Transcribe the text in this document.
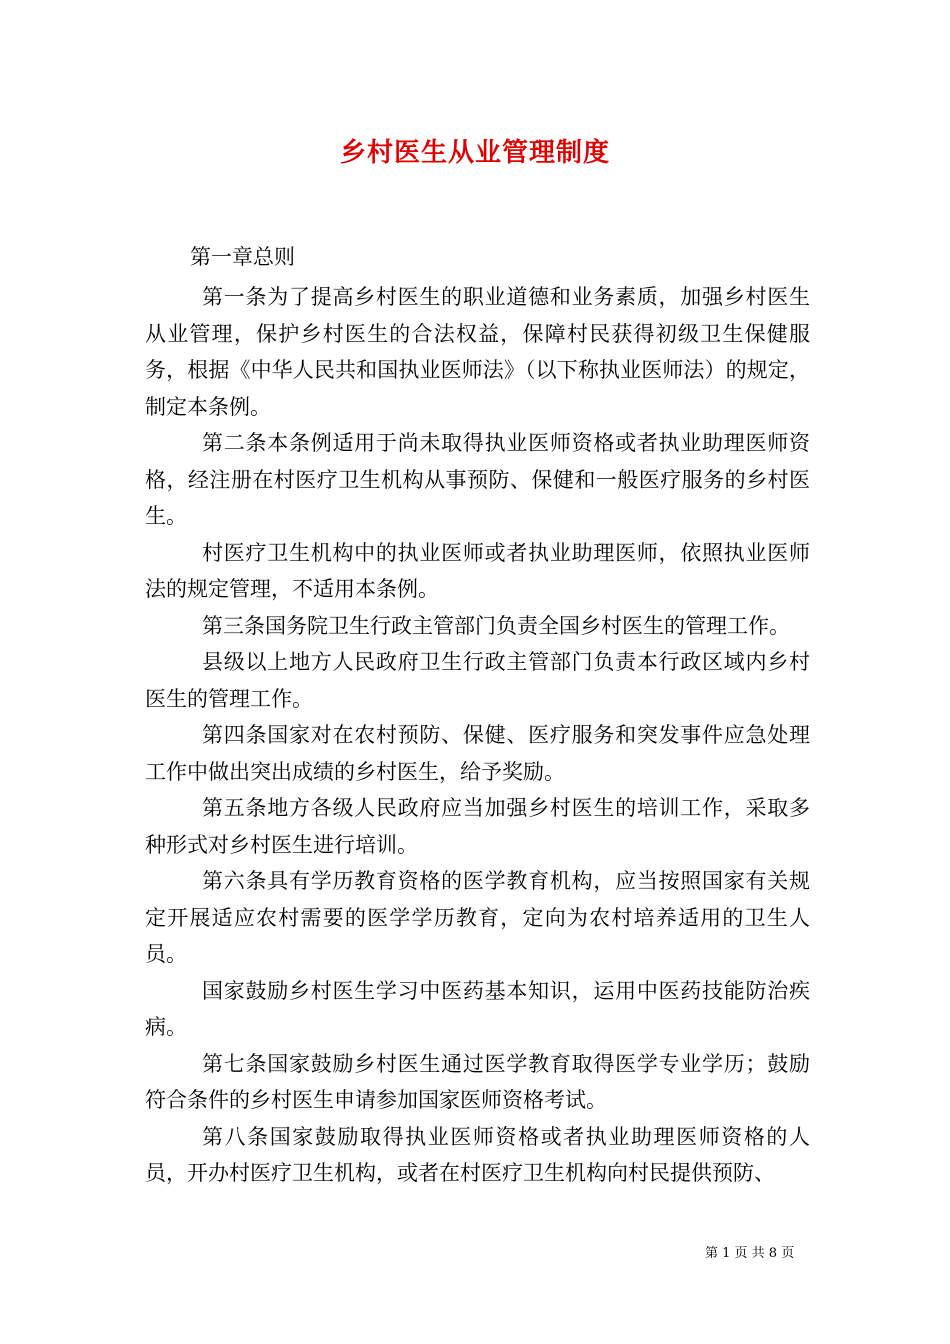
乡村医生从业管理制度
第一章总则

第一条为了提高乡村医生的职业道德和业务素质，加强乡村医生从业管理，保护乡村医生的合法权益，保障村民获得初级卫生保健服务，根据《中华人民共和国执业医师法》（以下称执业医师法）的规定，制定本条例。

第二条本条例适用于尚未取得执业医师资格或者执业助理医师资格，经注册在村医疗卫生机构从事预防、保健和一般医疗服务的乡村医生。

村医疗卫生机构中的执业医师或者执业助理医师，依照执业医师法的规定管理，不适用本条例。

第三条国务院卫生行政主管部门负责全国乡村医生的管理工作。

县级以上地方人民政府卫生行政主管部门负责本行政区域内乡村医生的管理工作。

第四条国家对在农村预防、保健、医疗服务和突发事件应急处理工作中做出突出成绩的乡村医生，给予奖励。

第五条地方各级人民政府应当加强乡村医生的培训工作，采取多种形式对乡村医生进行培训。

第六条具有学历教育资格的医学教育机构，应当按照国家有关规定开展适应农村需要的医学学历教育，定向为农村培养适用的卫生人员。

国家鼓励乡村医生学习中医药基本知识，运用中医药技能防治疾病。

第七条国家鼓励乡村医生通过医学教育取得医学专业学历；鼓励符合条件的乡村医生申请参加国家医师资格考试。

第八条国家鼓励取得执业医师资格或者执业助理医师资格的人员，开办村医疗卫生机构，或者在村医疗卫生机构向村民提供预防、

第 1 页 共 8 页
